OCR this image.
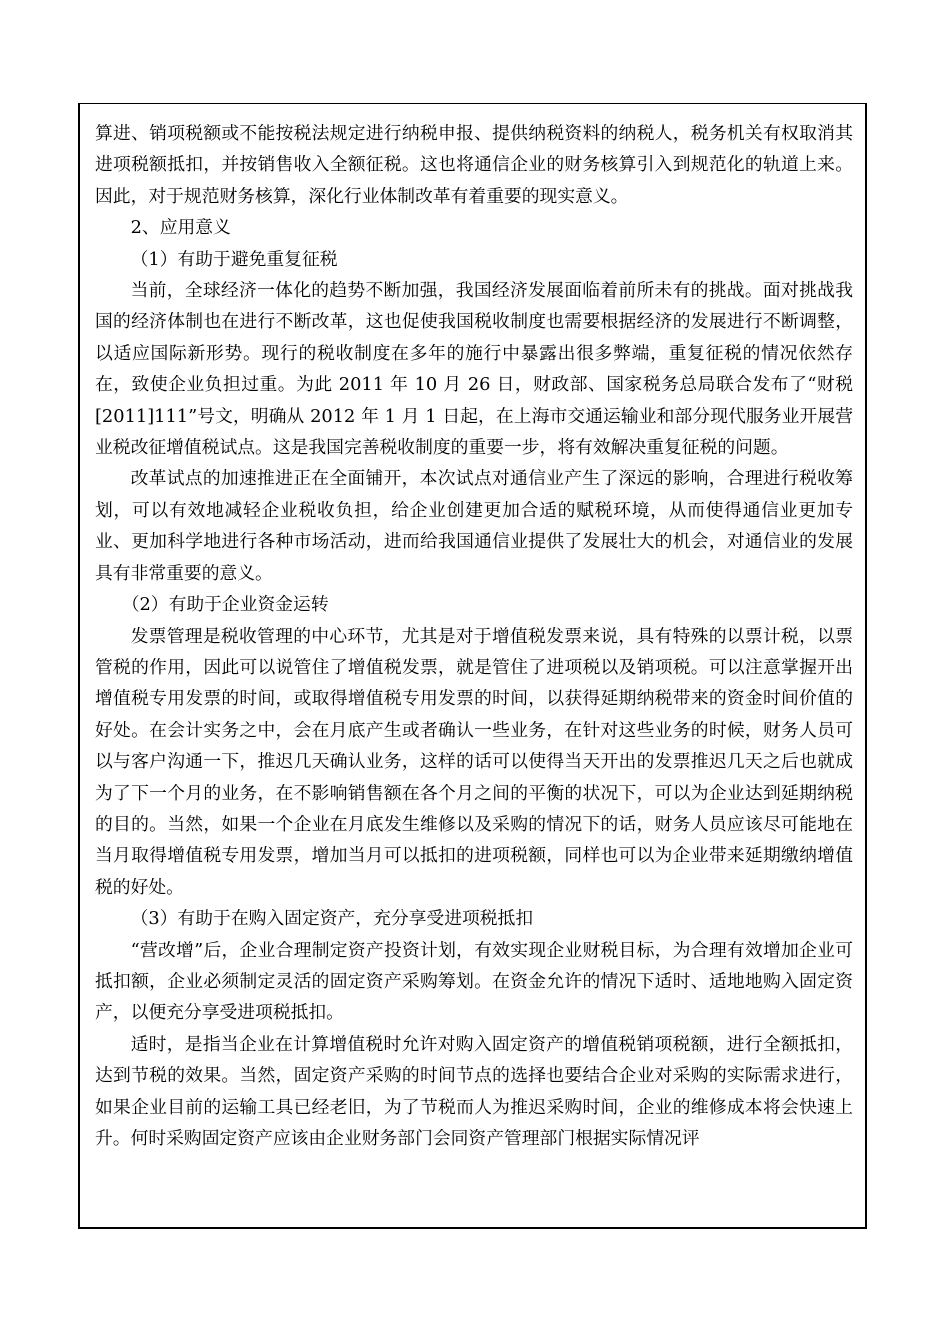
算进、销项税额或不能按税法规定进行纳税申报、提供纳税资料的纳税人，税务机关有权取消其进项税额抵扣，并按销售收入全额征税。这也将通信企业的财务核算引入到规范化的轨道上来。因此，对于规范财务核算，深化行业体制改革有着重要的现实意义。

2、应用意义

（1）有助于避免重复征税

当前，全球经济一体化的趋势不断加强，我国经济发展面临着前所未有的挑战。面对挑战我国的经济体制也在进行不断改革，这也促使我国税收制度也需要根据经济的发展进行不断调整，以适应国际新形势。现行的税收制度在多年的施行中暴露出很多弊端，重复征税的情况依然存在，致使企业负担过重。为此 2011 年 10 月 26 日，财政部、国家税务总局联合发布了“财税[2011]111”号文，明确从 2012 年 1 月 1 日起，在上海市交通运输业和部分现代服务业开展营业税改征增值税试点。这是我国完善税收制度的重要一步，将有效解决重复征税的问题。

改革试点的加速推进正在全面铺开，本次试点对通信业产生了深远的影响，合理进行税收筹划，可以有效地减轻企业税收负担，给企业创建更加合适的赋税环境，从而使得通信业更加专业、更加科学地进行各种市场活动，进而给我国通信业提供了发展壮大的机会，对通信业的发展具有非常重要的意义。

（2）有助于企业资金运转

发票管理是税收管理的中心环节，尤其是对于增值税发票来说，具有特殊的以票计税，以票管税的作用，因此可以说管住了增值税发票，就是管住了进项税以及销项税。可以注意掌握开出增值税专用发票的时间，或取得增值税专用发票的时间，以获得延期纳税带来的资金时间价值的好处。在会计实务之中，会在月底产生或者确认一些业务，在针对这些业务的时候，财务人员可以与客户沟通一下，推迟几天确认业务，这样的话可以使得当天开出的发票推迟几天之后也就成为了下一个月的业务，在不影响销售额在各个月之间的平衡的状况下，可以为企业达到延期纳税的目的。当然，如果一个企业在月底发生维修以及采购的情况下的话，财务人员应该尽可能地在当月取得增值税专用发票，增加当月可以抵扣的进项税额，同样也可以为企业带来延期缴纳增值税的好处。

（3）有助于在购入固定资产，充分享受进项税抵扣

“营改增”后，企业合理制定资产投资计划，有效实现企业财税目标，为合理有效增加企业可抵扣额，企业必须制定灵活的固定资产采购筹划。在资金允许的情况下适时、适地地购入固定资产，以便充分享受进项税抵扣。

适时，是指当企业在计算增值税时允许对购入固定资产的增值税销项税额，进行全额抵扣，达到节税的效果。当然，固定资产采购的时间节点的选择也要结合企业对采购的实际需求进行，如果企业目前的运输工具已经老旧，为了节税而人为推迟采购时间，企业的维修成本将会快速上升。何时采购固定资产应该由企业财务部门会同资产管理部门根据实际情况评
